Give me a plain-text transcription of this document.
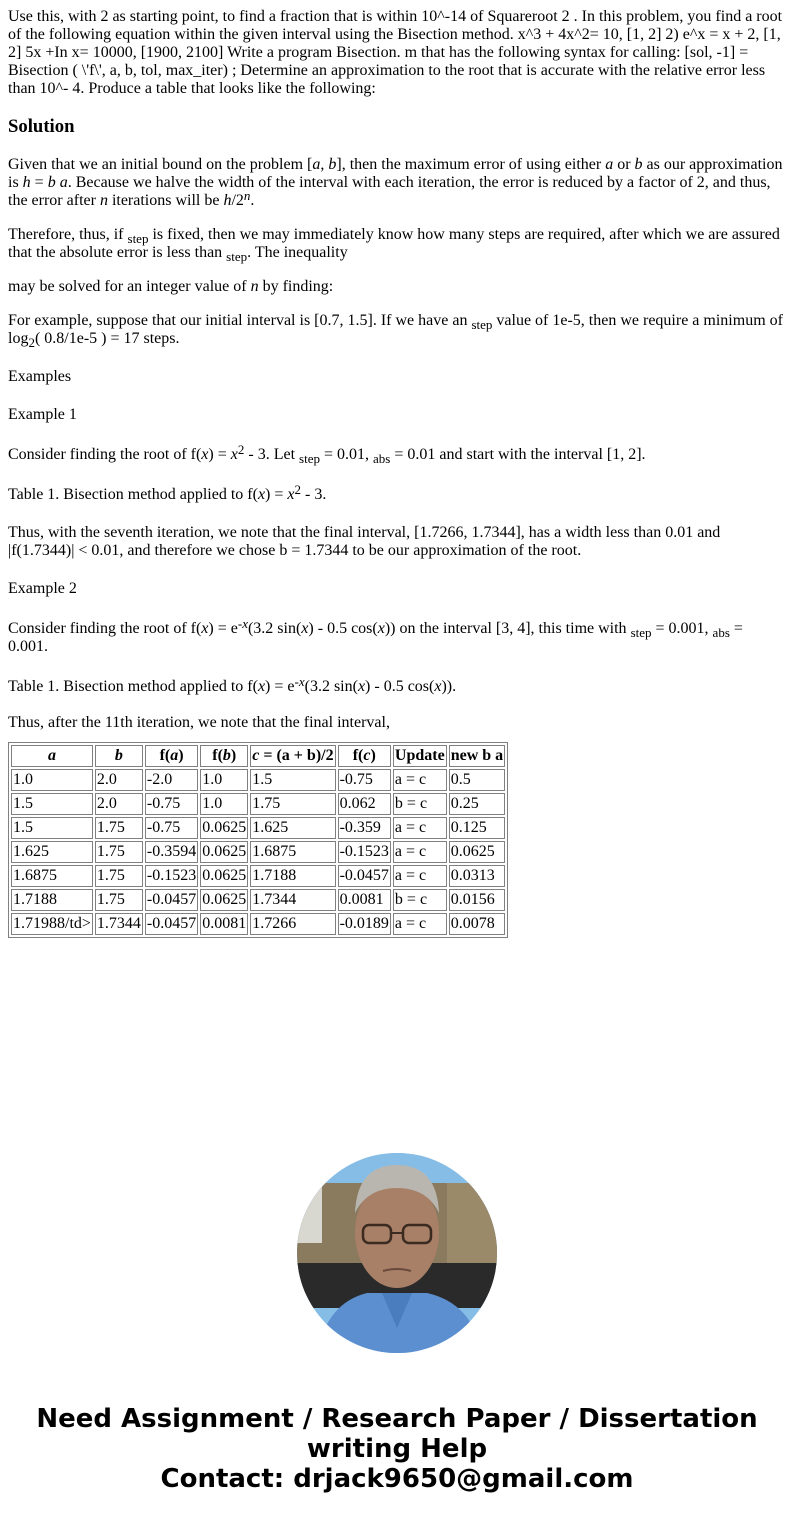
Use this, with 2 as starting point, to find a fraction that is within 10^-14 of Squareroot 2 . In this problem, you find a root of the following equation within the given interval using the Bisection method. x^3 + 4x^2= 10, [1, 2] 2) e^x = x + 2, [1, 2] 5x +In x= 10000, [1900, 2100] Write a program Bisection. m that has the following syntax for calling: [sol, -1] = Bisection ( \'f\', a, b, tol, max_iter) ; Determine an approximation to the root that is accurate with the relative error less than 10^- 4. Produce a table that looks like the following:

Solution

Given that we an initial bound on the problem [a, b], then the maximum error of using either a or b as our approximation is h = b a. Because we halve the width of the interval with each iteration, the error is reduced by a factor of 2, and thus, the error after n iterations will be h/2$^n$.

Therefore, thus, if $_{step}$ is fixed, then we may immediately know how many steps are required, after which we are assured that the absolute error is less than $_{step}$. The inequality

may be solved for an integer value of n by finding:

For example, suppose that our initial interval is [0.7, 1.5]. If we have an $_{step}$ value of 1e-5, then we require a minimum of $\log_2$( 0.8/1e-5 ) = 17 steps.

Examples

Example 1

Consider finding the root of $f(x) = x^2 - 3$. Let $_{step}$ = 0.01, $_{abs}$ = 0.01 and start with the interval [1, 2].

Table 1. Bisection method applied to $f(x) = x^2 - 3$.

Thus, with the seventh iteration, we note that the final interval, [1.7266, 1.7344], has a width less than 0.01 and |f(1.7344)| < 0.01, and therefore we chose b = 1.7344 to be our approximation of the root.

Example 2

Consider finding the root of $f(x) = e^{-x}(3.2$ sin(x) - 0.5 cos(x)) on the interval [3, 4], this time with $_{step}$ = 0.001, $_{abs}$ = 0.001.

Table 1. Bisection method applied to $f(x) = e^{-x}(3.2$ sin(x) - 0.5 cos(x)).

Thus, after the 11th iteration, we note that the final interval,

a	b	f(a)	f(b)	c = (a + b)/2	f(c)	Update	new b a
1.0	2.0	-2.0	1.0	1.5	-0.75	a = c	0.5
1.5	2.0	-0.75	1.0	1.75	0.062	b = c	0.25
1.5	1.75	-0.75	0.0625	1.625	-0.359	a = c	0.125
1.625	1.75	-0.3594	0.0625	1.6875	-0.1523	a = c	0.0625
1.6875	1.75	-0.1523	0.0625	1.7188	-0.0457	a = c	0.0313
1.7188	1.75	-0.0457	0.0625	1.7344	0.0081	b = c	0.0156
1.71988/td>	1.7344	-0.0457	0.0081	1.7266	-0.0189	a = c	0.0078
Need Assignment / Research Paper / Dissertation
writing Help
Contact: drjack9650@gmail.com
